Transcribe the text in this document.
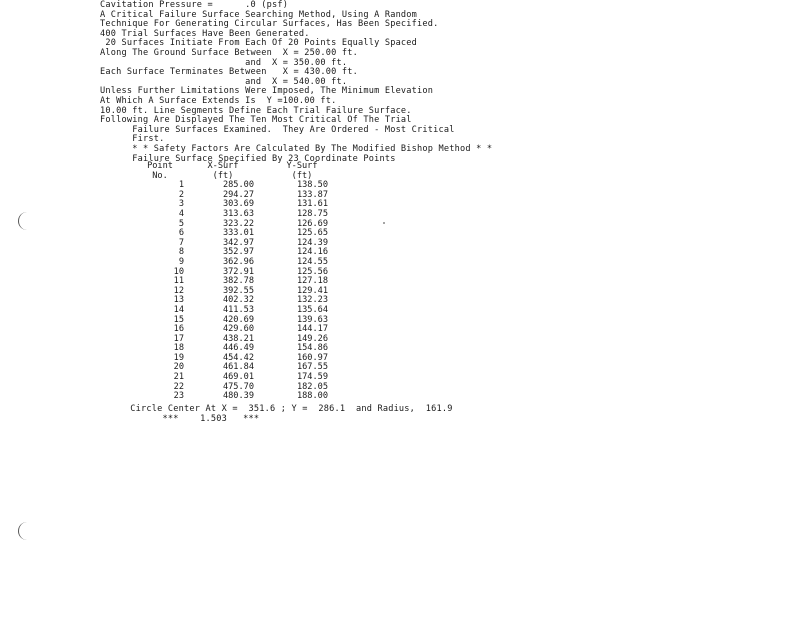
Cavitation Pressure =      .0 (psf)
A Critical Failure Surface Searching Method, Using A Random
Technique For Generating Circular Surfaces, Has Been Specified.
400 Trial Surfaces Have Been Generated.
20 Surfaces Initiate From Each Of 20 Points Equally Spaced
Along The Ground Surface Between  X = 250.00 ft.
and  X = 350.00 ft.
Each Surface Terminates Between   X = 430.00 ft.
and  X = 540.00 ft.
Unless Further Limitations Were Imposed, The Minimum Elevation
At Which A Surface Extends Is  Y =100.00 ft.
10.00 ft. Line Segments Define Each Trial Failure Surface.
Following Are Displayed The Ten Most Critical Of The Trial
Failure Surfaces Examined.  They Are Ordered - Most Critical
First.
* * Safety Factors Are Calculated By The Modified Bishop Method * *
Failure Surface Specified By 23 Coordinate Points
Point	X-Surf	Y-Surf
No.	(ft)	(ft)
1	285.00	138.50
2	294.27	133.87
3	303.69	131.61
4	313.63	128.75
5	323.22	126.69
6	333.01	125.65
7	342.97	124.39
8	352.97	124.16
9	362.96	124.55
10	372.91	125.56
11	382.78	127.18
12	392.55	129.41
13	402.32	132.23
14	411.53	135.64
15	420.69	139.63
16	429.60	144.17
17	438.21	149.26
18	446.49	154.86
19	454.42	160.97
20	461.84	167.55
21	469.01	174.59
22	475.70	182.05
23	480.39	188.00
Circle Center At X =  351.6 ; Y =  286.1  and Radius,  161.9
***    1.503   ***
